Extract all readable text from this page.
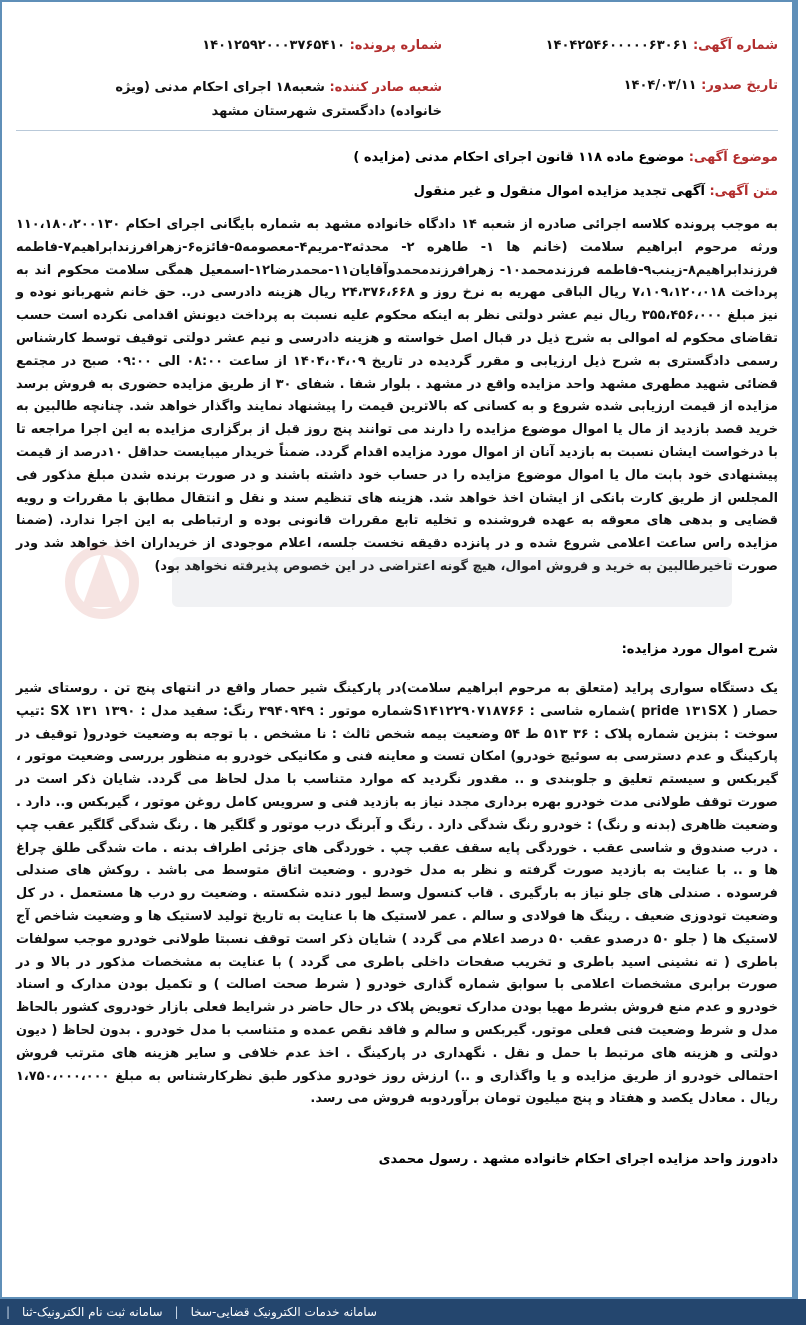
شماره آگهی: ۱۴۰۴۲۵۴۶۰۰۰۰۰۶۳۰۶۱
شماره پرونده: ۱۴۰۱۲۵۹۲۰۰۰۳۷۶۵۴۱۰
تاریخ صدور: ۱۴۰۴/۰۳/۱۱
شعبه صادر کننده: شعبه۱۸ اجرای احکام مدنی (ویژه خانواده) دادگستری شهرستان مشهد
موضوع آگهی: موضوع ماده ۱۱۸ قانون اجرای احکام مدنی (مزایده )
متن آگهی: آگهی تجدید مزایده اموال منقول و غیر منقول
به موجب پرونده کلاسه اجرائی صادره از شعبه ۱۴ دادگاه خانواده مشهد به شماره بایگانی اجرای احکام ۱۱۰،۱۸۰،۲۰۰۱۳۰ ورثه مرحوم ابراهیم سلامت (خانم ها ۱- طاهره ۲- محدثه۳-مریم۴-معصومه۵-فائزه۶-زهرافرزندابراهیم۷-فاطمه فرزندابراهیم۸-زینب۹-فاطمه فرزندمحمد۱۰- زهرافرزندمحمدوآقایان۱۱-محمدرضا۱۲-اسمعیل همگی سلامت محکوم اند به پرداخت ۷،۱۰۹،۱۲۰،۰۱۸ ریال الباقی مهریه به نرخ روز و ۲۴،۳۷۶،۶۶۸ ریال هزینه دادرسی در.. حق خانم شهربانو نوده و نیز مبلغ ۳۵۵،۴۵۶،۰۰۰ ریال نیم عشر دولتی نظر به اینکه محکوم علیه نسبت به پرداخت دیونش اقدامی نکرده است حسب تقاضای محکوم له اموالی به شرح ذیل در قبال اصل خواسته و هزینه دادرسی و نیم عشر دولتی توقیف توسط کارشناس رسمی دادگستری به شرح ذیل ارزیابی و مقرر گردیده در تاریخ ۱۴۰۴،۰۴،۰۹ از ساعت ۰۸:۰۰ الی ۰۹:۰۰ صبح در مجتمع قضائی شهید مطهری مشهد واحد مزایده واقع در مشهد . بلوار شفا . شفای ۳۰ از طریق مزایده حضوری به فروش برسد مزایده از قیمت ارزیابی شده شروع و به کسانی که بالاترین قیمت را پیشنهاد نمایند واگذار خواهد شد. چنانچه طالبین به خرید قصد بازدید از مال یا اموال موضوع مزایده را دارند می توانند پنج روز قبل از برگزاری مزایده به این اجرا مراجعه تا با درخواست ایشان نسبت به بازدید آنان از اموال مورد مزایده اقدام گردد. ضمناً خریدار میبایست حداقل ۱۰درصد از قیمت پیشنهادی خود بابت مال یا اموال موضوع مزایده را در حساب خود داشته باشند و در صورت برنده شدن مبلغ مذکور فی المجلس از طریق کارت بانکی از ایشان اخذ خواهد شد. هزینه های تنظیم سند و نقل و انتقال مطابق با مقررات و رویه قضایی و بدهی های معوقه به عهده فروشنده و تخلیه تابع مقررات قانونی بوده و ارتباطی به این اجرا ندارد. (ضمنا مزایده راس ساعت اعلامی شروع شده و در پانزده دقیقه نخست جلسه، اعلام موجودی از خریداران اخذ خواهد شد ودر صورت تاخیرطالبین به خرید و فروش اموال، هیچ گونه اعتراضی در این خصوص پذیرفته نخواهد بود)
شرح اموال مورد مزایده:
یک دستگاه سواری پراید (متعلق به مرحوم ابراهیم سلامت)در پارکینگ شیر حصار واقع در انتهای پنج تن . روستای شیر حصار ( pride ۱۳۱SX )شماره شاسی : S۱۴۱۲۲۹۰۷۱۸۷۶۶شماره موتور : ۳۹۴۰۹۴۹ رنگ: سفید مدل : ۱۳۹۰ ۱۳۱ SX :تیپ سوخت : بنزین شماره پلاک : ۳۶ ۵۱۳ ط ۵۴ وضعیت بیمه شخص ثالث : نا مشخص . با توجه به وضعیت خودرو( توقیف در پارکینگ و عدم دسترسی به سوئیچ خودرو) امکان تست و معاینه فنی و مکانیکی خودرو به منظور بررسی وضعیت موتور ، گیربکس و سیستم تعلیق و جلوبندی و .. مقدور نگردید که موارد متناسب با مدل لحاظ می گردد. شایان ذکر است در صورت توقف طولانی مدت خودرو بهره برداری مجدد نیاز به بازدید فنی و سرویس کامل روغن موتور ، گیربکس و.. دارد . وضعیت ظاهری (بدنه و رنگ) : خودرو رنگ شدگی دارد . رنگ و آبرنگ درب موتور و گلگیر ها . رنگ شدگی گلگیر عقب چپ . درب صندوق و شاسی عقب . خوردگی پایه سقف عقب چپ . خوردگی های جزئی اطراف بدنه . مات شدگی طلق چراغ ها و .. با عنایت به بازدید صورت گرفته و نظر به مدل خودرو . وضعیت اتاق متوسط می باشد . روکش های صندلی فرسوده . صندلی های جلو نیاز به بارگیری . قاب کنسول وسط لیور دنده شکسته . وضعیت رو درب ها مستعمل . در کل وضعیت تودوزی ضعیف . رینگ ها فولادی و سالم . عمر لاستیک ها با عنایت به تاریخ تولید لاستیک ها و وضعیت شاخص آج لاستیک ها ( جلو ۵۰ درصدو عقب ۵۰ درصد اعلام می گردد ) شایان ذکر است توقف نسبتا طولانی خودرو موجب سولفات باطری ( ته نشینی اسید باطری و تخریب صفحات داخلی باطری می گردد ) با عنایت به مشخصات مذکور در بالا و در صورت برابری مشخصات اعلامی با سوابق شماره گذاری خودرو ( شرط صحت اصالت ) و تکمیل بودن مدارک و اسناد خودرو و عدم منع فروش بشرط مهیا بودن مدارک تعویض پلاک در حال حاضر در شرایط فعلی بازار خودروی کشور بالحاظ مدل و شرط وضعیت فنی فعلی موتور. گیربکس و سالم و فاقد نقص عمده و متناسب با مدل خودرو . بدون لحاظ ( دیون دولتی و هزینه های مرتبط با حمل و نقل . نگهداری در پارکینگ . اخذ عدم خلافی و سایر هزینه های مترتب فروش احتمالی خودرو از طریق مزایده و یا واگذاری و ..) ارزش روز خودرو مذکور طبق نظرکارشناس به مبلغ ۱،۷۵۰،۰۰۰،۰۰۰ ریال . معادل یکصد و هفتاد و پنج میلیون تومان برآوردوبه فروش می رسد.
دادورز واحد مزایده اجرای احکام خانواده مشهد . رسول محمدی
سامانه خدمات الکترونیک قضایی-سخا
|
سامانه ثبت نام الکترونیک-ثنا
|
